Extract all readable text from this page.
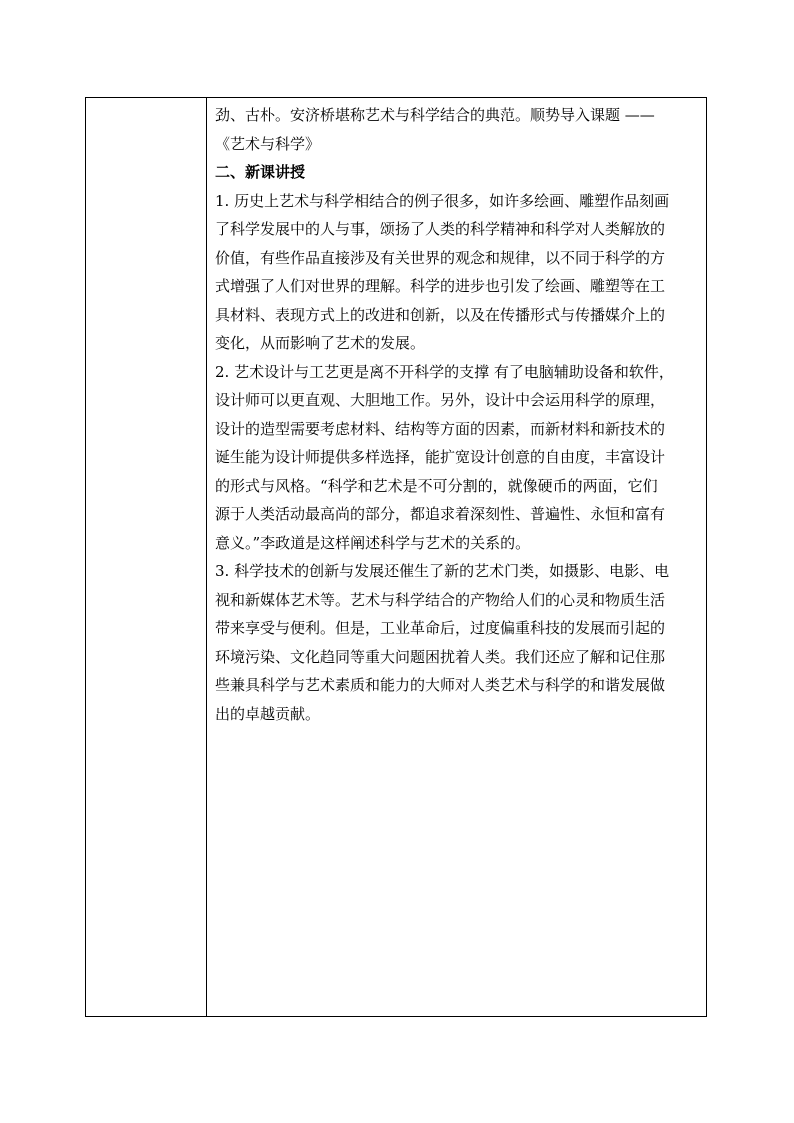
劲、古朴。安济桥堪称艺术与科学结合的典范。顺势导入课题 ——
《艺术与科学》
二、新课讲授
1. 历史上艺术与科学相结合的例子很多，如许多绘画、雕塑作品刻画
了科学发展中的人与事，颂扬了人类的科学精神和科学对人类解放的
价值，有些作品直接涉及有关世界的观念和规律，以不同于科学的方
式增强了人们对世界的理解。科学的进步也引发了绘画、雕塑等在工
具材料、表现方式上的改进和创新，以及在传播形式与传播媒介上的
变化，从而影响了艺术的发展。
2. 艺术设计与工艺更是离不开科学的支撑 有了电脑辅助设备和软件，
设计师可以更直观、大胆地工作。另外，设计中会运用科学的原理，
设计的造型需要考虑材料、结构等方面的因素，而新材料和新技术的
诞生能为设计师提供多样选择，能扩宽设计创意的自由度，丰富设计
的形式与风格。“科学和艺术是不可分割的，就像硬币的两面，它们
源于人类活动最高尚的部分，都追求着深刻性、普遍性、永恒和富有
意义。”李政道是这样阐述科学与艺术的关系的。
3. 科学技术的创新与发展还催生了新的艺术门类，如摄影、电影、电
视和新媒体艺术等。艺术与科学结合的产物给人们的心灵和物质生活
带来享受与便利。但是，工业革命后，过度偏重科技的发展而引起的
环境污染、文化趋同等重大问题困扰着人类。我们还应了解和记住那
些兼具科学与艺术素质和能力的大师对人类艺术与科学的和谐发展做
出的卓越贡献。
